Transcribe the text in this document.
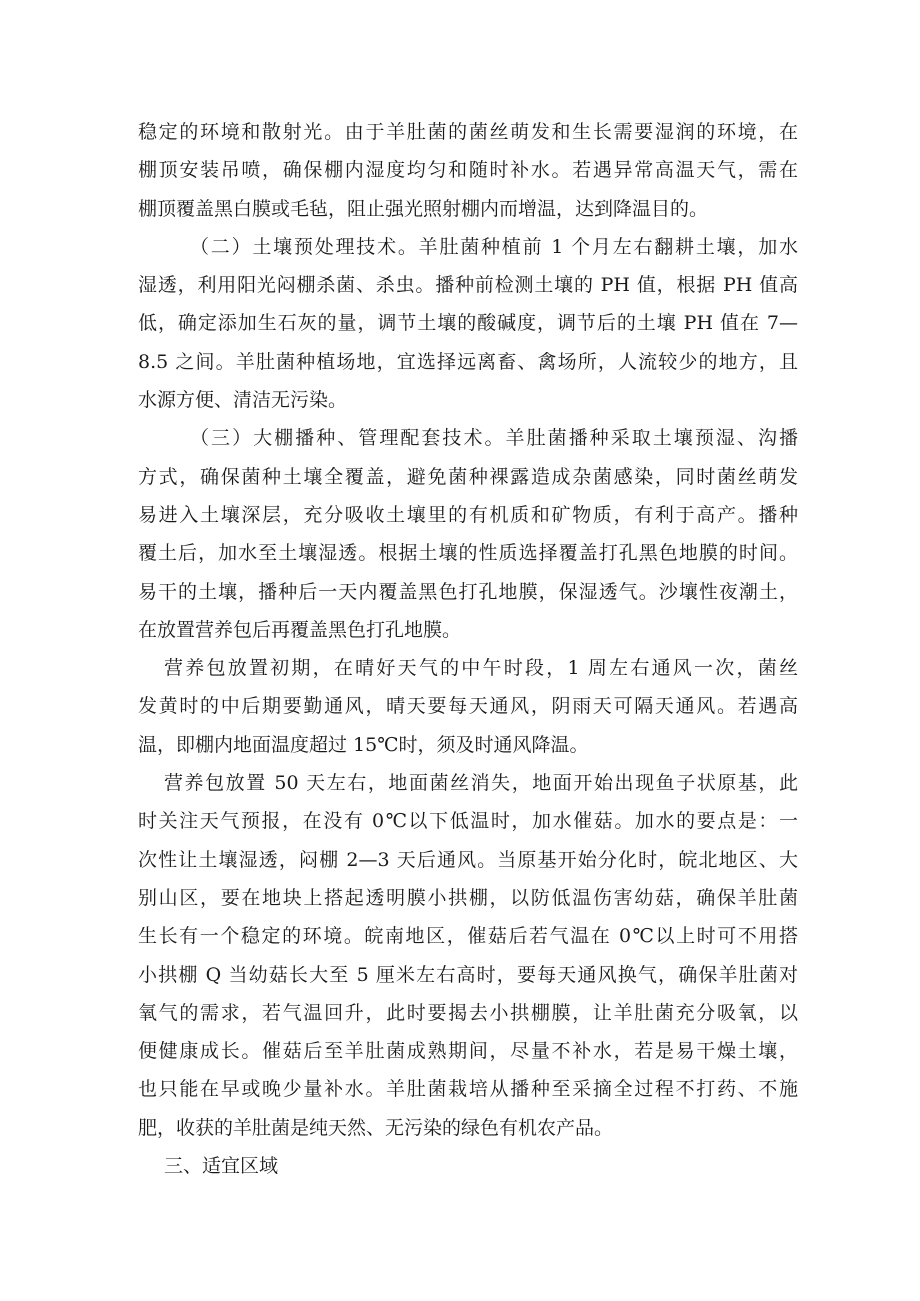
稳定的环境和散射光。由于羊肚菌的菌丝萌发和生长需要湿润的环境，在
棚顶安装吊喷，确保棚内湿度均匀和随时补水。若遇异常高温天气，需在
棚顶覆盖黑白膜或毛毡，阻止强光照射棚内而增温，达到降温目的。

（二）土壤预处理技术。羊肚菌种植前 1 个月左右翻耕土壤，加水
湿透，利用阳光闷棚杀菌、杀虫。播种前检测土壤的 PH 值，根据 PH 值高
低，确定添加生石灰的量，调节土壤的酸碱度，调节后的土壤 PH 值在 7—
8.5 之间。羊肚菌种植场地，宜选择远离畜、禽场所，人流较少的地方，且
水源方便、清洁无污染。

（三）大棚播种、管理配套技术。羊肚菌播种采取土壤预湿、沟播
方式，确保菌种土壤全覆盖，避免菌种裸露造成杂菌感染，同时菌丝萌发
易进入土壤深层，充分吸收土壤里的有机质和矿物质，有利于高产。播种
覆土后，加水至土壤湿透。根据土壤的性质选择覆盖打孔黑色地膜的时间。
易干的土壤，播种后一天内覆盖黑色打孔地膜，保湿透气。沙壤性夜潮土，
在放置营养包后再覆盖黑色打孔地膜。

营养包放置初期，在晴好天气的中午时段，1 周左右通风一次，菌丝
发黄时的中后期要勤通风，晴天要每天通风，阴雨天可隔天通风。若遇高
温，即棚内地面温度超过 15℃时，须及时通风降温。

营养包放置 50 天左右，地面菌丝消失，地面开始出现鱼子状原基，此
时关注天气预报，在没有 0℃以下低温时，加水催菇。加水的要点是：一
次性让土壤湿透，闷棚 2—3 天后通风。当原基开始分化时，皖北地区、大
别山区，要在地块上搭起透明膜小拱棚，以防低温伤害幼菇，确保羊肚菌
生长有一个稳定的环境。皖南地区，催菇后若气温在 0℃以上时可不用搭
小拱棚 Q 当幼菇长大至 5 厘米左右高时，要每天通风换气，确保羊肚菌对
氧气的需求，若气温回升，此时要揭去小拱棚膜，让羊肚菌充分吸氧，以
便健康成长。催菇后至羊肚菌成熟期间，尽量不补水，若是易干燥土壤，
也只能在早或晚少量补水。羊肚菌栽培从播种至采摘全过程不打药、不施
肥，收获的羊肚菌是纯天然、无污染的绿色有机农产品。

三、适宜区域
